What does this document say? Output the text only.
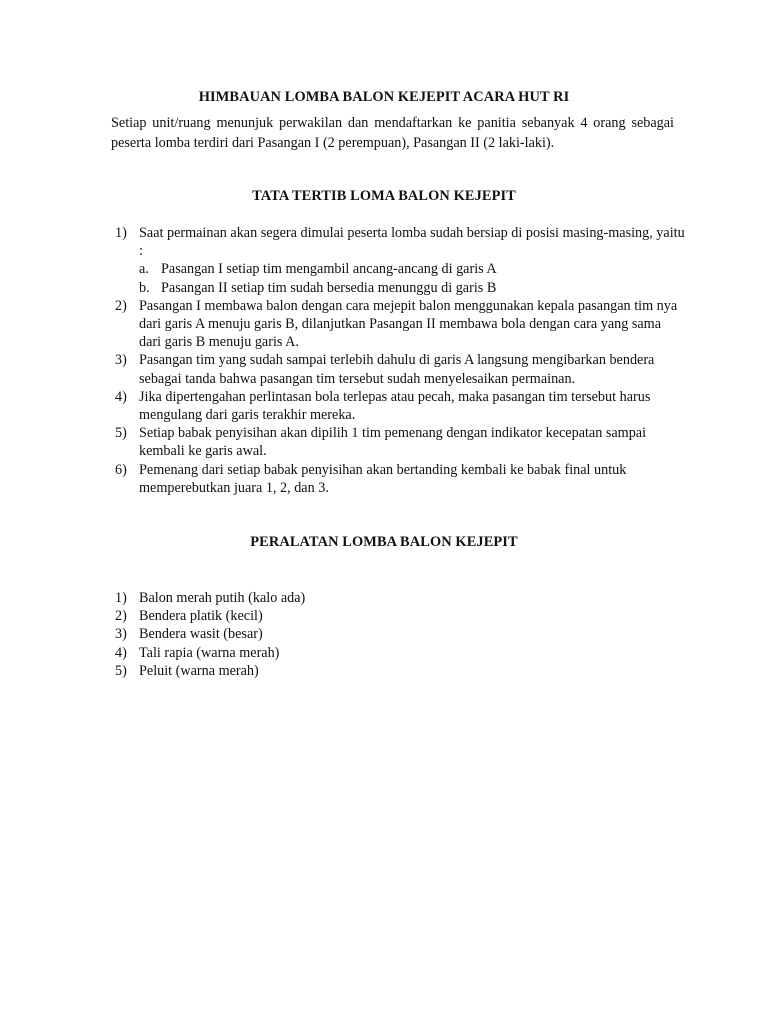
HIMBAUAN LOMBA BALON KEJEPIT ACARA HUT RI
Setiap unit/ruang menunjuk perwakilan dan mendaftarkan ke panitia sebanyak 4 orang sebagai peserta lomba terdiri dari Pasangan I (2 perempuan), Pasangan II (2 laki-laki).
TATA TERTIB LOMA BALON KEJEPIT
1) Saat permainan akan segera dimulai peserta lomba sudah bersiap di posisi masing-masing, yaitu :
a. Pasangan I setiap tim mengambil ancang-ancang di garis A
b. Pasangan II setiap tim sudah bersedia menunggu di garis B
2) Pasangan I membawa balon dengan cara mejepit balon menggunakan kepala pasangan tim nya dari garis A menuju garis B, dilanjutkan Pasangan II membawa bola dengan cara yang sama dari garis B menuju garis A.
3) Pasangan tim yang sudah sampai terlebih dahulu di garis A langsung mengibarkan bendera sebagai tanda bahwa pasangan tim tersebut sudah menyelesaikan permainan.
4) Jika dipertengahan perlintasan bola terlepas atau pecah, maka pasangan tim tersebut harus mengulang dari garis terakhir mereka.
5) Setiap babak penyisihan akan dipilih 1 tim pemenang dengan indikator kecepatan sampai kembali ke garis awal.
6) Pemenang dari setiap babak penyisihan akan bertanding kembali ke babak final untuk memperebutkan juara 1, 2, dan 3.
PERALATAN LOMBA BALON KEJEPIT
1) Balon merah putih (kalo ada)
2) Bendera platik (kecil)
3) Bendera wasit (besar)
4) Tali rapia (warna merah)
5) Peluit (warna merah)
